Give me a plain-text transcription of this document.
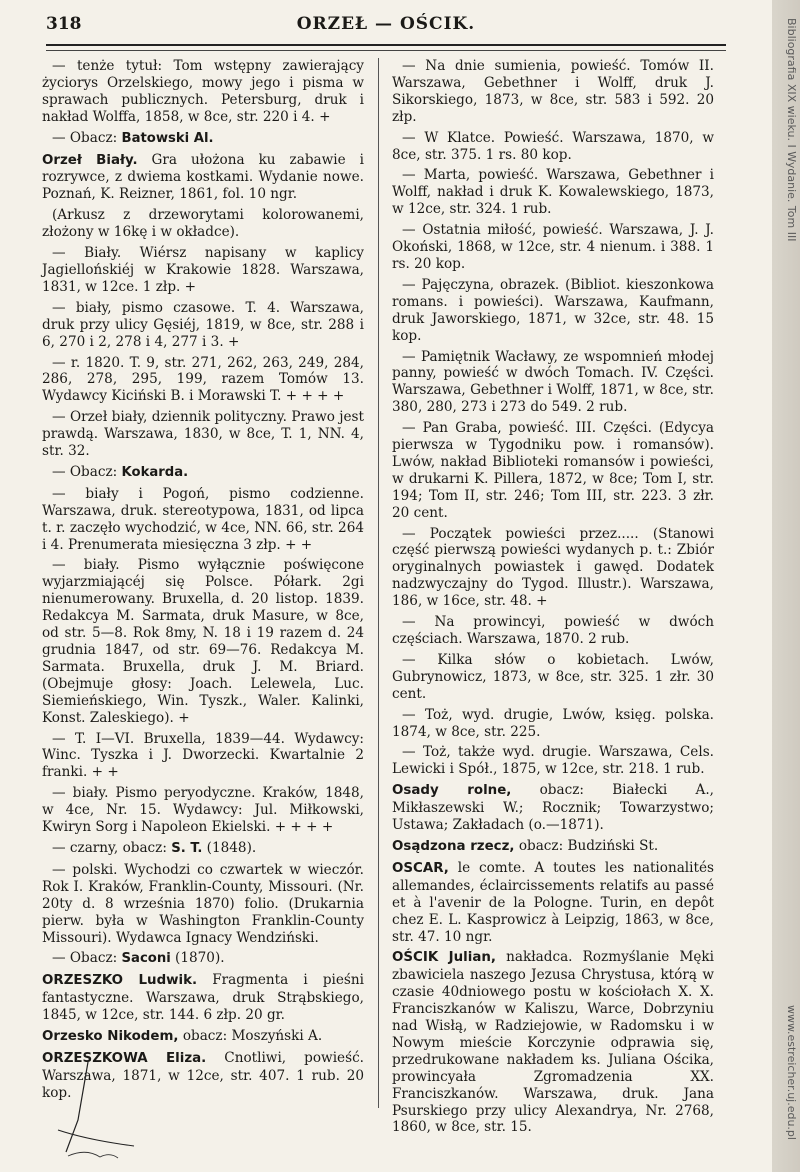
318	ORZEŁ — OŚCIK.

— tenże tytuł: Tom wstępny zawierający życiorys Orzelskiego, mowy jego i pisma w sprawach publicznych. Petersburg, druk i nakład Wolffa, 1858, w 8ce, str. 220 i 4. +

— Obacz: Batowski Al.

Orzeł Biały. Gra ułożona ku zabawie i rozrywce, z dwiema kostkami. Wydanie nowe. Poznań, K. Reizner, 1861, fol. 10 ngr.

(Arkusz z drzeworytami kolorowanemi, złożony w 16kę i w okładce).

— Biały. Wiérsz napisany w kaplicy Jagiellońskiéj w Krakowie 1828. Warszawa, 1831, w 12ce. 1 złp. +

— biały, pismo czasowe. T. 4. Warszawa, druk przy ulicy Gęsiéj, 1819, w 8ce, str. 288 i 6, 270 i 2, 278 i 4, 277 i 3. +

— r. 1820. T. 9, str. 271, 262, 263, 249, 284, 286, 278, 295, 199, razem Tomów 13. Wydawcy Kiciński B. i Morawski T. + + + +

— Orzeł biały, dziennik polityczny. Prawo jest prawdą. Warszawa, 1830, w 8ce, T. 1, NN. 4, str. 32.

— Obacz: Kokarda.

— biały i Pogoń, pismo codzienne. Warszawa, druk. stereotypowa, 1831, od lipca t. r. zaczęło wychodzić, w 4ce, NN. 66, str. 264 i 4. Prenumerata miesięczna 3 złp. + +

— biały. Pismo wyłącznie poświęcone wyjarzmiającéj się Polsce. Półark. 2gi nienumerowany. Bruxella, d. 20 listop. 1839. Redakcya M. Sarmata, druk Masure, w 8ce, od str. 5—8. Rok 8my, N. 18 i 19 razem d. 24 grudnia 1847, od str. 69—76. Redakcya M. Sarmata. Bruxella, druk J. M. Briard. (Obejmuje głosy: Joach. Lelewela, Luc. Siemieńskiego, Win. Tyszk., Waler. Kalinki, Konst. Zaleskiego). +

— T. I—VI. Bruxella, 1839—44. Wydawcy: Winc. Tyszka i J. Dworzecki. Kwartalnie 2 franki. + +

— biały. Pismo peryodyczne. Kraków, 1848, w 4ce, Nr. 15. Wydawcy: Jul. Miłkowski, Kwiryn Sorg i Napoleon Ekielski. + + + +

— czarny, obacz: S. T. (1848).

— polski. Wychodzi co czwartek w wieczór. Rok I. Kraków, Franklin-County, Missouri. (Nr. 20ty d. 8 września 1870) folio. (Drukarnia pierw. była w Washington Franklin-County Missouri). Wydawca Ignacy Wendziński.

— Obacz: Saconi (1870).

ORZESZKO Ludwik. Fragmenta i pieśni fantastyczne. Warszawa, druk Strąbskiego, 1845, w 12ce, str. 144. 6 złp. 20 gr.

Orzesko Nikodem, obacz: Moszyński A.

ORZESZKOWA Eliza. Cnotliwi, powieść. Warszawa, 1871, w 12ce, str. 407. 1 rub. 20 kop.

— Na dnie sumienia, powieść. Tomów II. Warszawa, Gebethner i Wolff, druk J. Sikorskiego, 1873, w 8ce, str. 583 i 592. 20 złp.

— W Klatce. Powieść. Warszawa, 1870, w 8ce, str. 375. 1 rs. 80 kop.

— Marta, powieść. Warszawa, Gebethner i Wolff, nakład i druk K. Kowalewskiego, 1873, w 12ce, str. 324. 1 rub.

— Ostatnia miłość, powieść. Warszawa, J. J. Okoński, 1868, w 12ce, str. 4 nienum. i 388. 1 rs. 20 kop.

— Pajęczyna, obrazek. (Bibliot. kieszonkowa romans. i powieści). Warszawa, Kaufmann, druk Jaworskiego, 1871, w 32ce, str. 48. 15 kop.

— Pamiętnik Wacławy, ze wspomnień młodej panny, powieść w dwóch Tomach. IV. Części. Warszawa, Gebethner i Wolff, 1871, w 8ce, str. 380, 280, 273 i 273 do 549. 2 rub.

— Pan Graba, powieść. III. Części. (Edycya pierwsza w Tygodniku pow. i romansów). Lwów, nakład Biblioteki romansów i powieści, w drukarni K. Pillera, 1872, w 8ce; Tom I, str. 194; Tom II, str. 246; Tom III, str. 223. 3 złr. 20 cent.

— Początek powieści przez..... (Stanowi część pierwszą powieści wydanych p. t.: Zbiór oryginalnych powiastek i gawęd. Dodatek nadzwyczajny do Tygod. Illustr.). Warszawa, 186, w 16ce, str. 48. +

— Na prowincyi, powieść w dwóch częściach. Warszawa, 1870. 2 rub.

— Kilka słów o kobietach. Lwów, Gubrynowicz, 1873, w 8ce, str. 325. 1 złr. 30 cent.

— Toż, wyd. drugie, Lwów, księg. polska. 1874, w 8ce, str. 225.

— Toż, także wyd. drugie. Warszawa, Cels. Lewicki i Spół., 1875, w 12ce, str. 218. 1 rub.

Osady rolne, obacz: Białecki A., Mikłaszewski W.; Rocznik; Towarzystwo; Ustawa; Zakładach (o.—1871).

Osądzona rzecz, obacz: Budziński St.

OSCAR, le comte. A toutes les nationalités allemandes, éclaircissements relatifs au passé et à l'avenir de la Pologne. Turin, en depôt chez E. L. Kasprowicz à Leipzig, 1863, w 8ce, str. 47. 10 ngr.

OŚCIK Julian, nakładca. Rozmyślanie Męki zbawiciela naszego Jezusa Chrystusa, którą w czasie 40dniowego postu w kościołach X. X. Franciszkanów w Kaliszu, Warce, Dobrzyniu nad Wisłą, w Radziejowie, w Radomsku i w Nowym mieście Korczynie odprawia się, przedrukowane nakładem ks. Juliana Ościka, prowincyała Zgromadzenia XX. Franciszkanów. Warszawa, druk. Jana Psurskiego przy ulicy Alexandrya, Nr. 2768, 1860, w 8ce, str. 15.

Bibliografia XIX wieku. I Wydanie. Tom III
www.estreicher.uj.edu.pl
